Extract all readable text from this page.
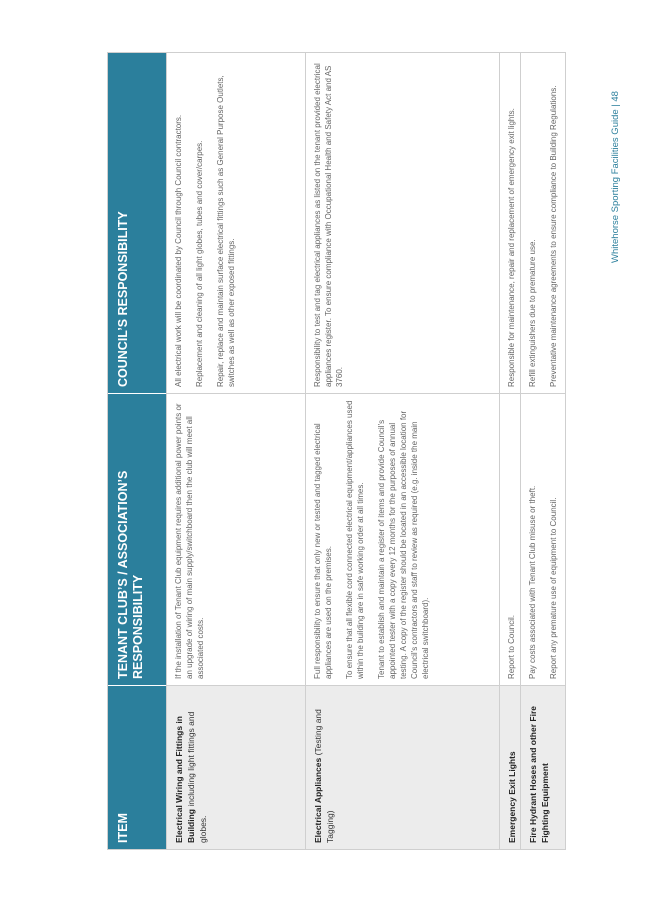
ITEM
TENANT CLUB’S / ASSOCIATION’S RESPONSIBILITY
COUNCIL’S RESPONSIBILITY
Electrical Wiring and Fittings in Building including light fittings and globes.

If the installation of Tenant Club equipment requires additional power points or an upgrade of wiring of main supply/switchboard then the club will meet all associated costs.

All electrical work will be coordinated by Council through Council contractors. Replacement and cleaning of all light globes, tubes and cover/carpes. Repair, replace and maintain surface electrical fittings such as General Purpose Outlets, switches as well as other exposed fittings.

Electrical Appliances (Testing and Tagging)

Full responsibility to ensure that only new or tested and tagged electrical appliances are used on the premises. To ensure that all flexible cord connected electrical equipment/appliances used within the building are in safe working order at all times. Tenant to establish and maintain a register of items and provide Council’s appointed tester with a copy every 12 months for the purposes of annual testing. A copy of the register should be located in an accessible location for Council’s contractors and staff to review as required (e.g. inside the main electrical switchboard).

Responsibility to test and tag electrical appliances as listed on the tenant provided electrical appliances register. To ensure compliance with Occupational Health and Safety Act and AS 3760.

Emergency Exit Lights

Report to Council.

Responsible for maintenance, repair and replacement of emergency exit lights.

Fire Hydrant Hoses and other Fire Fighting Equipment

Pay costs associated with Tenant Club misuse or theft. Report any premature use of equipment to Council.

Refill extinguishers due to premature use. Preventative maintenance agreements to ensure compliance to Building Regulations.	Whitehorse Sporting Facilities Guide | 48
